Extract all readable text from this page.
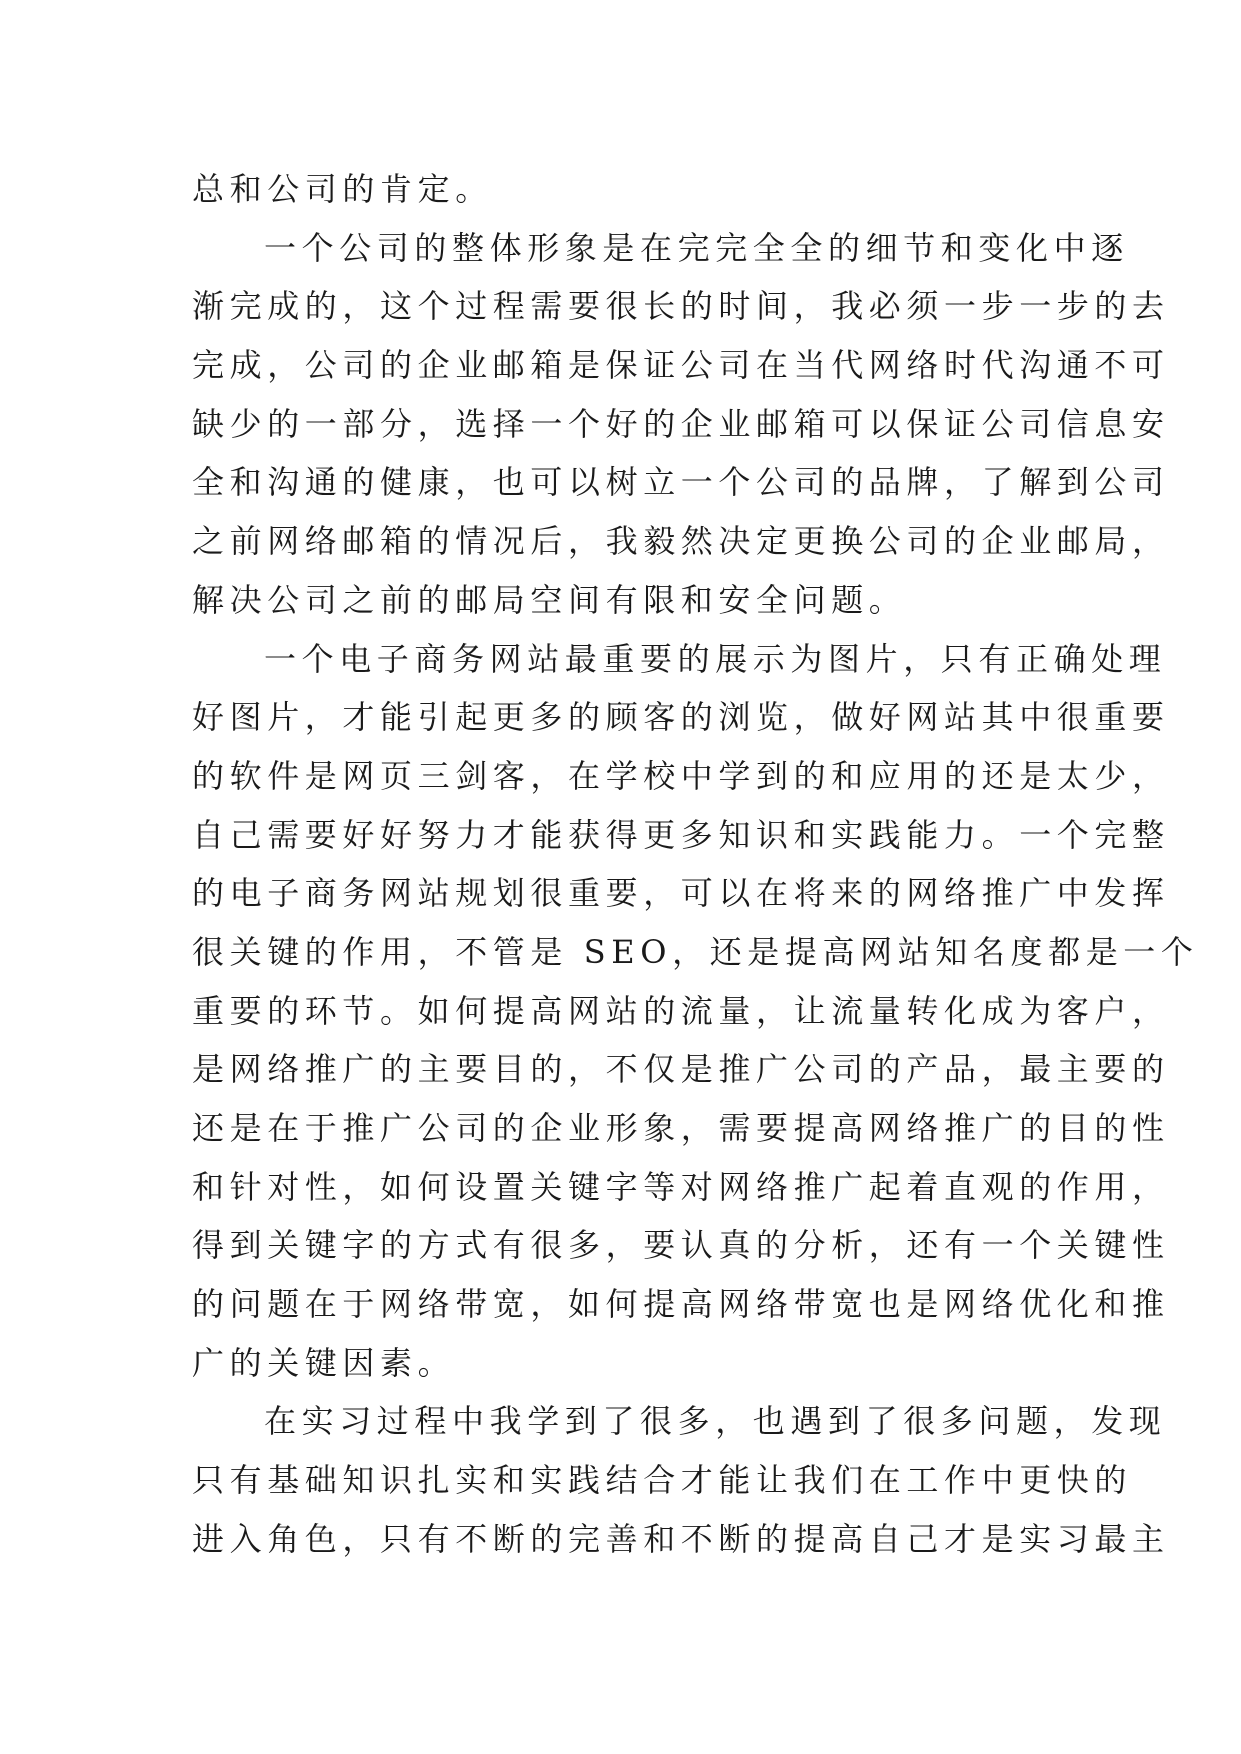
总和公司的肯定。
一个公司的整体形象是在完完全全的细节和变化中逐
渐完成的，这个过程需要很长的时间，我必须一步一步的去
完成，公司的企业邮箱是保证公司在当代网络时代沟通不可
缺少的一部分，选择一个好的企业邮箱可以保证公司信息安
全和沟通的健康，也可以树立一个公司的品牌，了解到公司
之前网络邮箱的情况后，我毅然决定更换公司的企业邮局，
解决公司之前的邮局空间有限和安全问题。
一个电子商务网站最重要的展示为图片，只有正确处理
好图片，才能引起更多的顾客的浏览，做好网站其中很重要
的软件是网页三剑客，在学校中学到的和应用的还是太少，
自己需要好好努力才能获得更多知识和实践能力。一个完整
的电子商务网站规划很重要，可以在将来的网络推广中发挥
很关键的作用，不管是 SEO，还是提高网站知名度都是一个
重要的环节。如何提高网站的流量，让流量转化成为客户，
是网络推广的主要目的，不仅是推广公司的产品，最主要的
还是在于推广公司的企业形象，需要提高网络推广的目的性
和针对性，如何设置关键字等对网络推广起着直观的作用，
得到关键字的方式有很多，要认真的分析，还有一个关键性
的问题在于网络带宽，如何提高网络带宽也是网络优化和推
广的关键因素。
在实习过程中我学到了很多，也遇到了很多问题，发现
只有基础知识扎实和实践结合才能让我们在工作中更快的
进入角色，只有不断的完善和不断的提高自己才是实习最主
